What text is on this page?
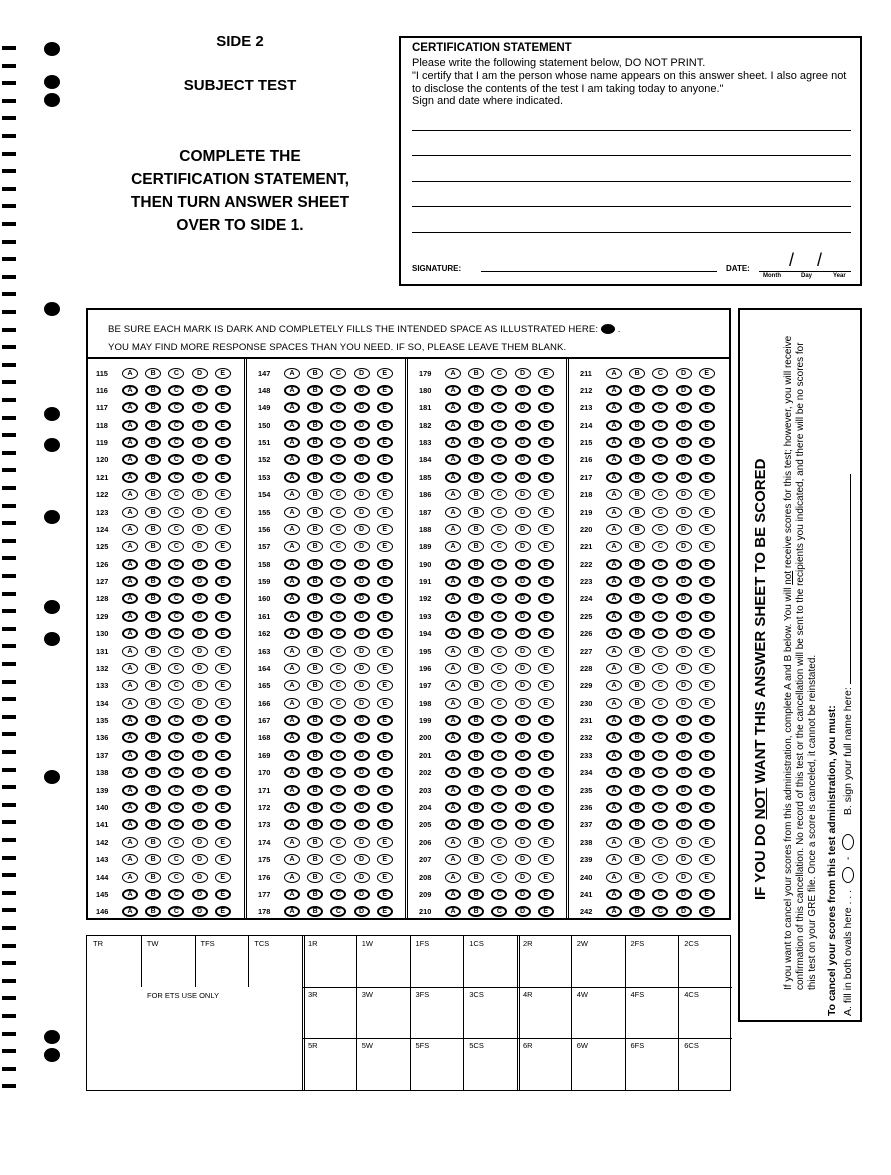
SIDE 2
SUBJECT TEST
COMPLETE THE
CERTIFICATION STATEMENT,
THEN TURN ANSWER SHEET
OVER TO SIDE 1.
CERTIFICATION STATEMENT
Please write the following statement below, DO NOT PRINT.
"I certify that I am the person whose name appears on this answer sheet. I also agree not to disclose the contents of the test I am taking today to anyone."
Sign and date where indicated.
SIGNATURE:	DATE: / /
Month	Day	Year
BE SURE EACH MARK IS DARK AND COMPLETELY FILLS THE INTENDED SPACE AS ILLUSTRATED HERE:  .
YOU MAY FIND MORE RESPONSE SPACES THAN YOU NEED. IF SO, PLEASE LEAVE THEM BLANK.
115	A	B	C	D	E
116	A	B	C	D	E
117	A	B	C	D	E
118	A	B	C	D	E
119	A	B	C	D	E
120	A	B	C	D	E
121	A	B	C	D	E
122	A	B	C	D	E
123	A	B	C	D	E
124	A	B	C	D	E
125	A	B	C	D	E
126	A	B	C	D	E
127	A	B	C	D	E
128	A	B	C	D	E
129	A	B	C	D	E
130	A	B	C	D	E
131	A	B	C	D	E
132	A	B	C	D	E
133	A	B	C	D	E
134	A	B	C	D	E
135	A	B	C	D	E
136	A	B	C	D	E
137	A	B	C	D	E
138	A	B	C	D	E
139	A	B	C	D	E
140	A	B	C	D	E
141	A	B	C	D	E
142	A	B	C	D	E
143	A	B	C	D	E
144	A	B	C	D	E
145	A	B	C	D	E
146	A	B	C	D	E
147	A	B	C	D	E
148	A	B	C	D	E
149	A	B	C	D	E
150	A	B	C	D	E
151	A	B	C	D	E
152	A	B	C	D	E
153	A	B	C	D	E
154	A	B	C	D	E
155	A	B	C	D	E
156	A	B	C	D	E
157	A	B	C	D	E
158	A	B	C	D	E
159	A	B	C	D	E
160	A	B	C	D	E
161	A	B	C	D	E
162	A	B	C	D	E
163	A	B	C	D	E
164	A	B	C	D	E
165	A	B	C	D	E
166	A	B	C	D	E
167	A	B	C	D	E
168	A	B	C	D	E
169	A	B	C	D	E
170	A	B	C	D	E
171	A	B	C	D	E
172	A	B	C	D	E
173	A	B	C	D	E
174	A	B	C	D	E
175	A	B	C	D	E
176	A	B	C	D	E
177	A	B	C	D	E
178	A	B	C	D	E
179	A	B	C	D	E
180	A	B	C	D	E
181	A	B	C	D	E
182	A	B	C	D	E
183	A	B	C	D	E
184	A	B	C	D	E
185	A	B	C	D	E
186	A	B	C	D	E
187	A	B	C	D	E
188	A	B	C	D	E
189	A	B	C	D	E
190	A	B	C	D	E
191	A	B	C	D	E
192	A	B	C	D	E
193	A	B	C	D	E
194	A	B	C	D	E
195	A	B	C	D	E
196	A	B	C	D	E
197	A	B	C	D	E
198	A	B	C	D	E
199	A	B	C	D	E
200	A	B	C	D	E
201	A	B	C	D	E
202	A	B	C	D	E
203	A	B	C	D	E
204	A	B	C	D	E
205	A	B	C	D	E
206	A	B	C	D	E
207	A	B	C	D	E
208	A	B	C	D	E
209	A	B	C	D	E
210	A	B	C	D	E
211	A	B	C	D	E
212	A	B	C	D	E
213	A	B	C	D	E
214	A	B	C	D	E
215	A	B	C	D	E
216	A	B	C	D	E
217	A	B	C	D	E
218	A	B	C	D	E
219	A	B	C	D	E
220	A	B	C	D	E
221	A	B	C	D	E
222	A	B	C	D	E
223	A	B	C	D	E
224	A	B	C	D	E
225	A	B	C	D	E
226	A	B	C	D	E
227	A	B	C	D	E
228	A	B	C	D	E
229	A	B	C	D	E
230	A	B	C	D	E
231	A	B	C	D	E
232	A	B	C	D	E
233	A	B	C	D	E
234	A	B	C	D	E
235	A	B	C	D	E
236	A	B	C	D	E
237	A	B	C	D	E
238	A	B	C	D	E
239	A	B	C	D	E
240	A	B	C	D	E
241	A	B	C	D	E
242	A	B	C	D	E
FOR ETS USE ONLY
TR	TW	TFS	TCS	1R	1W	1FS	1CS	2R	2W	2FS	2CS
3R	3W	3FS	3CS	4R	4W	4FS	4CS
5R	5W	5FS	5CS	6R	6W	6FS	6CS
IF YOU DO NOT WANT THIS ANSWER SHEET TO BE SCORED If you want to cancel your scores from this administration, complete A and B below. You will not receive scores for this test; however, you will receive confirmation of this cancellation. No record of this test or the cancellation will be sent to the recipients you indicated, and there will be no scores for this test on your GRE file. Once a score is canceled, it cannot be reinstated. To cancel your scores from this test administration, you must: A. fill in both ovals here . . .  -      B. sign your full name here:
